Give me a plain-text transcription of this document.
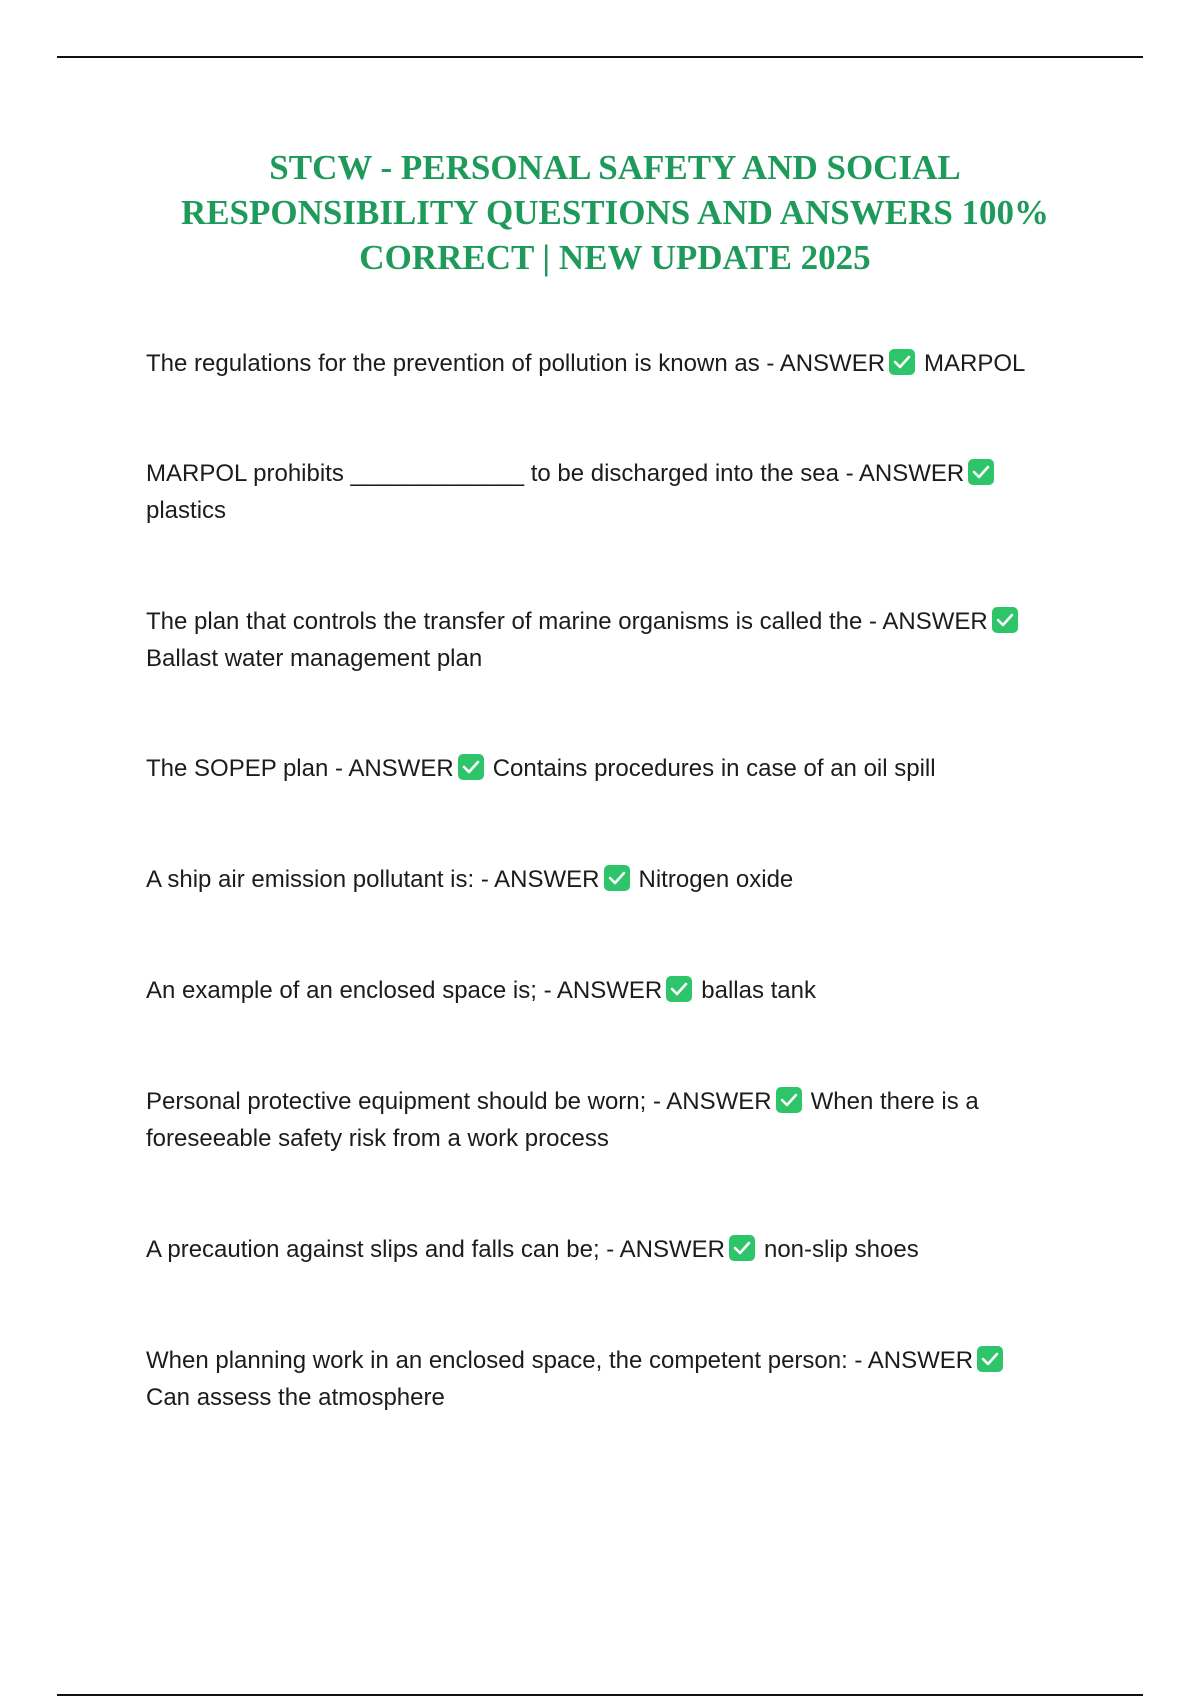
STCW - PERSONAL SAFETY AND SOCIAL RESPONSIBILITY QUESTIONS AND ANSWERS 100% CORRECT | NEW UPDATE 2025
The regulations for the prevention of pollution is known as - ANSWER MARPOL
MARPOL prohibits _____________ to be discharged into the sea - ANSWER

plastics
The plan that controls the transfer of marine organisms is called the - ANSWER

Ballast water management plan
The SOPEP plan - ANSWER Contains procedures in case of an oil spill
A ship air emission pollutant is: - ANSWER Nitrogen oxide
An example of an enclosed space is; - ANSWER ballas tank
Personal protective equipment should be worn; - ANSWER When there is a foreseeable safety risk from a work process
A precaution against slips and falls can be; - ANSWER non-slip shoes
When planning work in an enclosed space, the competent person: - ANSWER

Can assess the atmosphere
